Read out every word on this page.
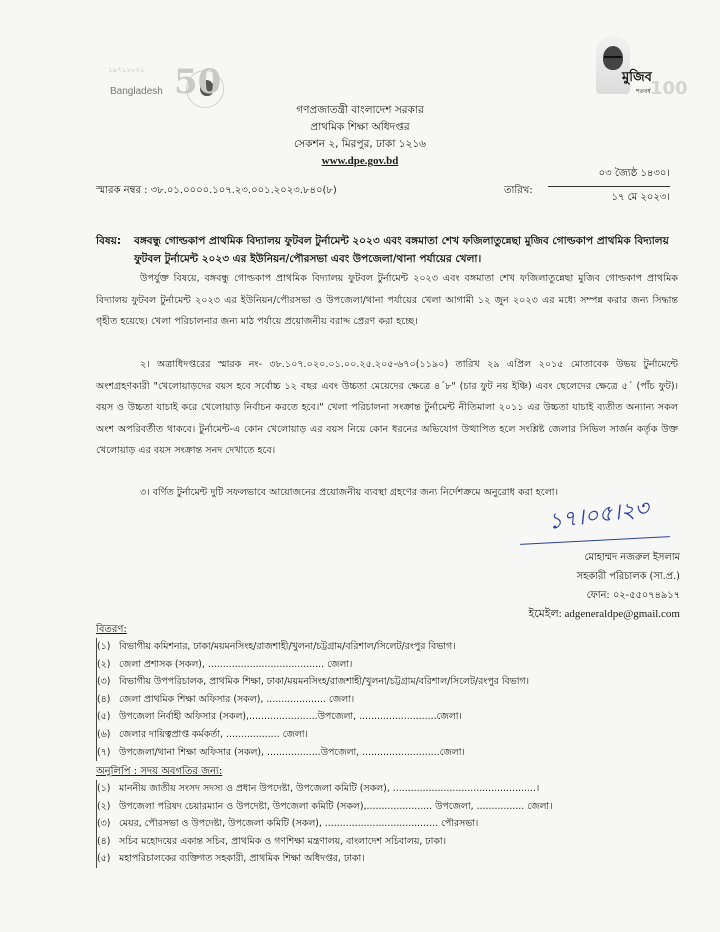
১৯৭১২০২১ 50
Bangladesh	100
মুজিব
শতবর্ষ
গণপ্রজাতন্ত্রী বাংলাদেশ সরকার
প্রাথমিক শিক্ষা অধিদপ্তর
সেকশন ২, মিরপুর, ঢাকা ১২১৬
www.dpe.gov.bd
স্মারক নম্বর : ৩৮.০১.০০০০.১০৭.২৩.০০১.২০২৩.৮৪০(৮)	তারিখ:
০৩ জ্যৈষ্ঠ ১৪৩০।
১৭ মে ২০২৩।
বিষয়:	বঙ্গবন্ধু গোল্ডকাপ প্রাথমিক বিদ্যালয় ফুটবল টুর্নামেন্ট ২০২৩ এবং বঙ্গমাতা শেখ ফজিলাতুন্নেছা মুজিব গোল্ডকাপ প্রাথমিক বিদ্যালয় ফুটবল টুর্নামেন্ট ২০২৩ এর ইউনিয়ন/পৌরসভা এবং উপজেলা/থানা পর্যায়ের খেলা।
উপর্যুক্ত বিষয়ে, বঙ্গবন্ধু গোল্ডকাপ প্রাথমিক বিদ্যালয় ফুটবল টুর্নামেন্ট ২০২৩ এবং বঙ্গমাতা শেখ ফজিলাতুন্নেছা মুজিব গোল্ডকাপ প্রাথমিক বিদ্যালয় ফুটবল টুর্নামেন্ট ২০২৩ এর ইউনিয়ন/পৌরসভা ও উপজেলা/থানা পর্যায়ের খেলা আগামী ১২ জুন ২০২৩ এর মধ্যে সম্পন্ন করার জন্য সিদ্ধান্ত গৃহীত হয়েছে। খেলা পরিচালনার জন্য মাঠ পর্যায়ে প্রয়োজনীয় বরাদ্দ প্রেরণ করা হচ্ছে।
২। অত্রাধিদপ্তরের স্মারক নং- ৩৮.১০৭.০২০.০১.০০.২৫.২০৫-৬৭০(১১৯০) তারিখ ২৯ এপ্রিল ২০১৫ মোতাবেক উভয় টুর্নামেন্টে অংশগ্রহণকারী "খেলোয়াড়দের বয়স হবে সর্বোচ্চ ১২ বছর এবং উচ্চতা মেয়েদের ক্ষেত্রে ৪´৮" (চার ফুট নয় ইঞ্চি) এবং ছেলেদের ক্ষেত্রে ৫´ (পাঁচ ফুট)। বয়স ও উচ্চতা যাচাই করে খেলোয়াড় নির্বাচন করতে হবে।" খেলা পরিচালনা সংক্রান্ত টুর্নামেন্ট নীতিমালা ২০১১ এর উচ্চতা যাচাই ব্যতীত অন্যান্য সকল অংশ অপরিবর্তীত থাকবে। টুর্নামেন্ট-এ কোন খেলোয়াড় এর বয়স নিয়ে কোন ধরনের অভিযোগ উত্থাপিত হলে সংশ্লিষ্ট জেলার সিভিল সার্জন কর্তৃক উক্ত খেলোয়াড় এর বয়স সংক্রান্ত সনদ দেখাতে হবে।
৩। বর্ণিত টুর্নামেন্ট দুটি সফলভাবে আয়োজনের প্রয়োজনীয় ব্যবস্থা গ্রহণের জন্য নির্দেশক্রমে অনুরোধ করা হলো।
১৭।০৫।২৩
মোহাম্মদ নজরুল ইসলাম
সহকারী পরিচালক (সা.প্র.)
ফোন: ০২-৫৫০৭৪৯১৭
ইমেইল: adgeneraldpe@gmail.com
বিতরণ:
(১) বিভাগীয় কমিশনার, ঢাকা/ময়মনসিংহ/রাজশাহী/খুলনা/চট্টগ্রাম/বরিশাল/সিলেট/রংপুর বিভাগ।
(২) জেলা প্রশাসক (সকল), ....................................... জেলা।
(৩) বিভাগীয় উপপরিচালক, প্রাথমিক শিক্ষা, ঢাকা/ময়মনসিংহ/রাজশাহী/খুলনা/চট্টগ্রাম/বরিশাল/সিলেট/রংপুর বিভাগ।
(৪) জেলা প্রাথমিক শিক্ষা অফিসার (সকল), .................... জেলা।
(৫) উপজেলা নির্বাহী অফিসার (সকল),.......................উপজেলা, ..........................জেলা।
(৬) জেলার দায়িত্বপ্রাপ্ত কর্মকর্তা, .................. জেলা।
(৭) উপজেলা/থানা শিক্ষা অফিসার (সকল), ..................উপজেলা, ..........................জেলা।
অনুলিপি : সদয় অবগতির জন্য:
(১) মাননীয় জাতীয় সংসদ সদস্য ও প্রধান উপদেষ্টা, উপজেলা কমিটি (সকল), ................................................।
(২) উপজেলা পরিষদ চেয়ারম্যান ও উপদেষ্টা, উপজেলা কমিটি (সকল),...................... উপজেলা, ................ জেলা।
(৩) মেয়র, পৌরসভা ও উপদেষ্টা, উপজেলা কমিটি (সকল), ...................................... পৌরসভা।
(৪) সচিব মহোদয়ের একান্ত সচিব, প্রাথমিক ও গণশিক্ষা মন্ত্রণালয়, বাংলাদেশ সচিবালয়, ঢাকা।
(৫) মহাপরিচালকের ব্যক্তিগত সহকারী, প্রাথমিক শিক্ষা অধিদপ্তর, ঢাকা।
